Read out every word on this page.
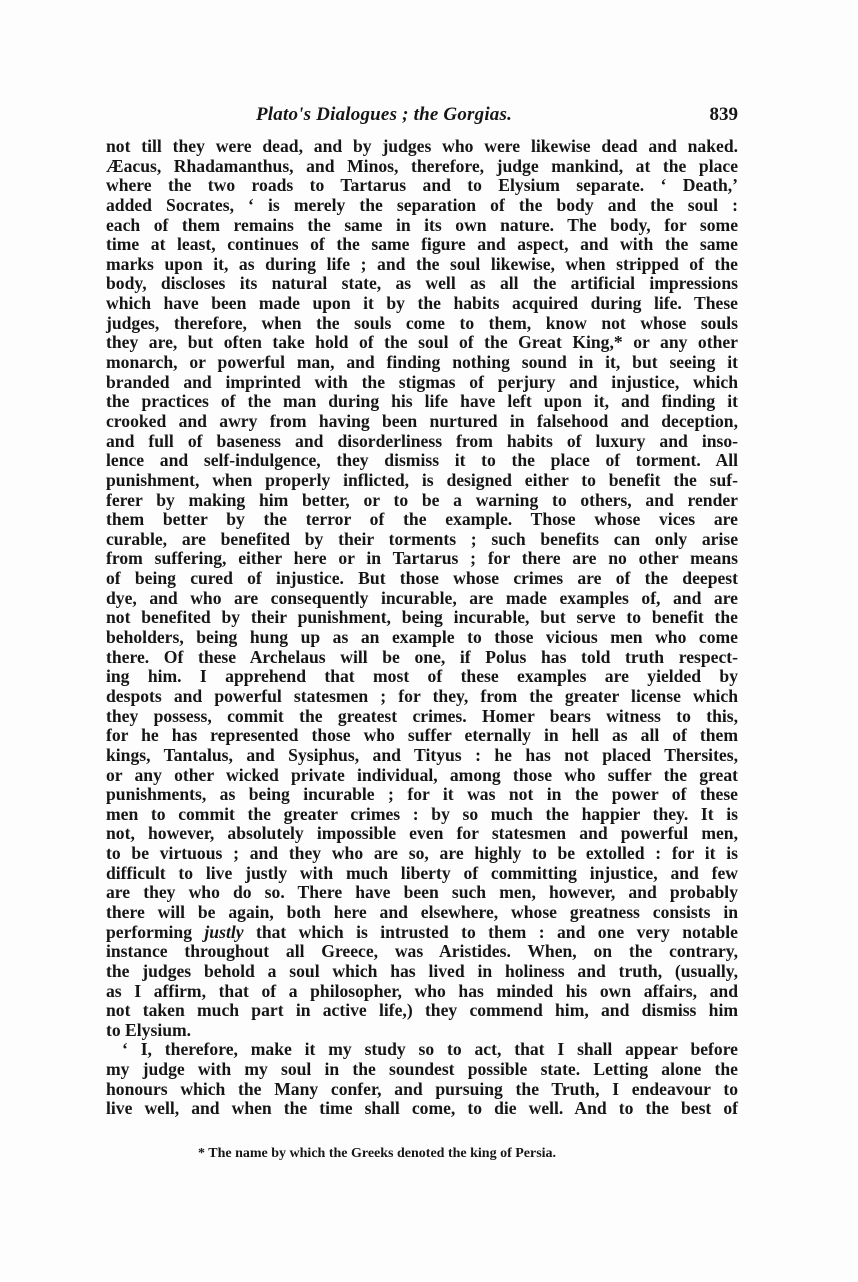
Plato's Dialogues ; the Gorgias.	839
not till they were dead, and by judges who were likewise dead and naked.
Æacus, Rhadamanthus, and Minos, therefore, judge mankind, at the place
where the two roads to Tartarus and to Elysium separate. ‘ Death,’
added Socrates, ‘ is merely the separation of the body and the soul :
each of them remains the same in its own nature. The body, for some
time at least, continues of the same figure and aspect, and with the same
marks upon it, as during life ; and the soul likewise, when stripped of the
body, discloses its natural state, as well as all the artificial impressions
which have been made upon it by the habits acquired during life. These
judges, therefore, when the souls come to them, know not whose souls
they are, but often take hold of the soul of the Great King,* or any other
monarch, or powerful man, and finding nothing sound in it, but seeing it
branded and imprinted with the stigmas of perjury and injustice, which
the practices of the man during his life have left upon it, and finding it
crooked and awry from having been nurtured in falsehood and deception,
and full of baseness and disorderliness from habits of luxury and inso-
lence and self-indulgence, they dismiss it to the place of torment. All
punishment, when properly inflicted, is designed either to benefit the suf-
ferer by making him better, or to be a warning to others, and render
them better by the terror of the example. Those whose vices are
curable, are benefited by their torments ; such benefits can only arise
from suffering, either here or in Tartarus ; for there are no other means
of being cured of injustice. But those whose crimes are of the deepest
dye, and who are consequently incurable, are made examples of, and are
not benefited by their punishment, being incurable, but serve to benefit the
beholders, being hung up as an example to those vicious men who come
there. Of these Archelaus will be one, if Polus has told truth respect-
ing him. I apprehend that most of these examples are yielded by
despots and powerful statesmen ; for they, from the greater license which
they possess, commit the greatest crimes. Homer bears witness to this,
for he has represented those who suffer eternally in hell as all of them
kings, Tantalus, and Sysiphus, and Tityus : he has not placed Thersites,
or any other wicked private individual, among those who suffer the great
punishments, as being incurable ; for it was not in the power of these
men to commit the greater crimes : by so much the happier they. It is
not, however, absolutely impossible even for statesmen and powerful men,
to be virtuous ; and they who are so, are highly to be extolled : for it is
difficult to live justly with much liberty of committing injustice, and few
are they who do so. There have been such men, however, and probably
there will be again, both here and elsewhere, whose greatness consists in
performing justly that which is intrusted to them : and one very notable
instance throughout all Greece, was Aristides. When, on the contrary,
the judges behold a soul which has lived in holiness and truth, (usually,
as I affirm, that of a philosopher, who has minded his own affairs, and
not taken much part in active life,) they commend him, and dismiss him
to Elysium.
‘ I, therefore, make it my study so to act, that I shall appear before
my judge with my soul in the soundest possible state. Letting alone the
honours which the Many confer, and pursuing the Truth, I endeavour to
live well, and when the time shall come, to die well. And to the best of
* The name by which the Greeks denoted the king of Persia.
